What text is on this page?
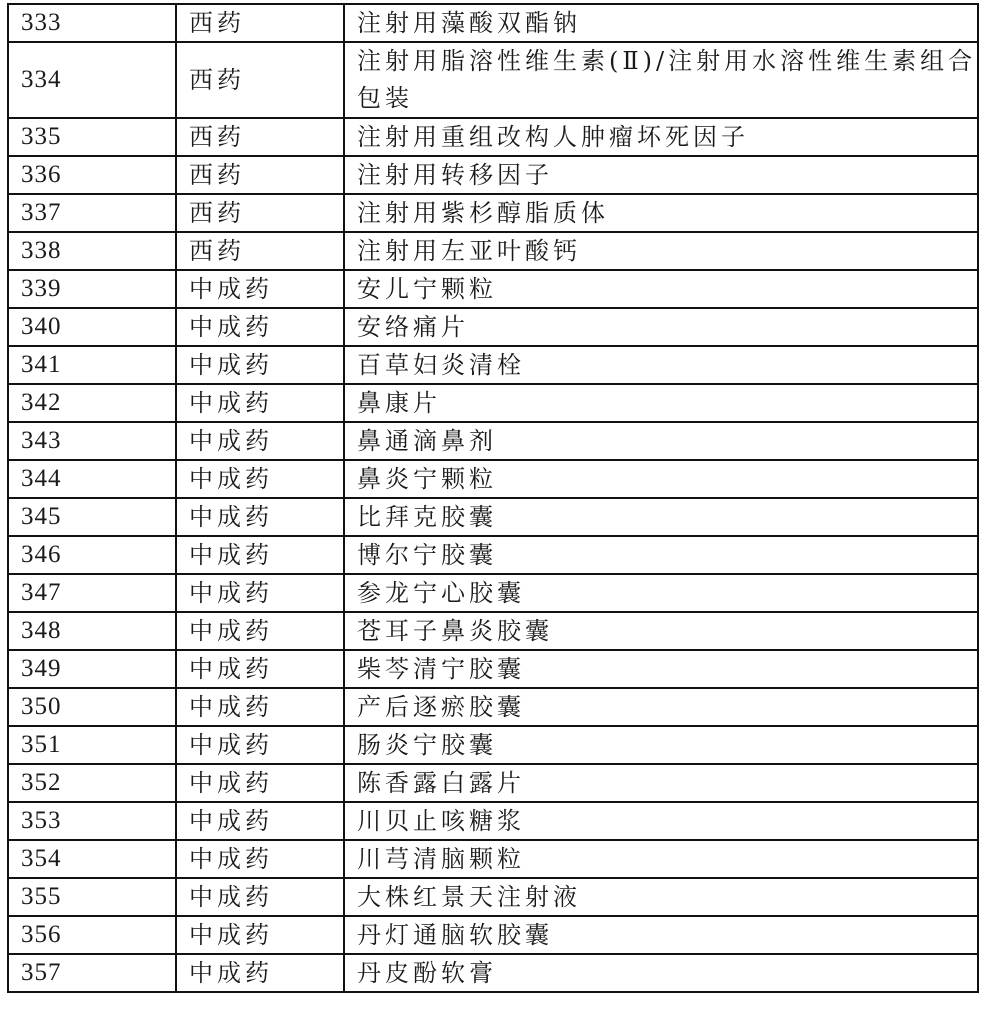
333	西药	注射用藻酸双酯钠
334	西药	注射用脂溶性维生素(Ⅱ)/注射用水溶性维生素组合包装
335	西药	注射用重组改构人肿瘤坏死因子
336	西药	注射用转移因子
337	西药	注射用紫杉醇脂质体
338	西药	注射用左亚叶酸钙
339	中成药	安儿宁颗粒
340	中成药	安络痛片
341	中成药	百草妇炎清栓
342	中成药	鼻康片
343	中成药	鼻通滴鼻剂
344	中成药	鼻炎宁颗粒
345	中成药	比拜克胶囊
346	中成药	博尔宁胶囊
347	中成药	参龙宁心胶囊
348	中成药	苍耳子鼻炎胶囊
349	中成药	柴芩清宁胶囊
350	中成药	产后逐瘀胶囊
351	中成药	肠炎宁胶囊
352	中成药	陈香露白露片
353	中成药	川贝止咳糖浆
354	中成药	川芎清脑颗粒
355	中成药	大株红景天注射液
356	中成药	丹灯通脑软胶囊
357	中成药	丹皮酚软膏
